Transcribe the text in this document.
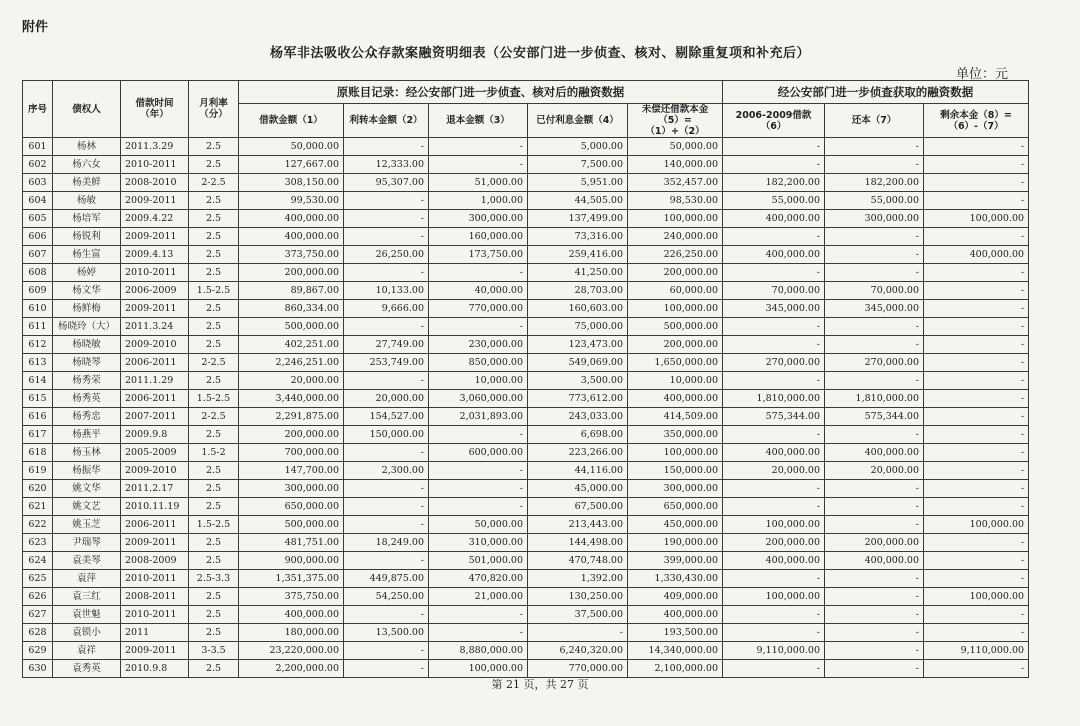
附件
杨军非法吸收公众存款案融资明细表（公安部门进一步侦查、核对、剔除重复项和补充后）
单位：元
序号	债权人	借款时间（年）	月利率（分）	原账目记录：经公安部门进一步侦查、核对后的融资数据					经公安部门进一步侦查获取的融资数据		
				借款金额（1）	利转本金额（2）	退本金额（3）	已付利息金额（4）	未偿还借款本金（5）=（1）+（2）	2006-2009借款（6）	还本（7）	剩余本金（8）=（6）-（7）
601	杨林	2011.3.29	2.5	50,000.00	-	-	5,000.00	50,000.00	-	-	-
602	杨六女	2010-2011	2.5	127,667.00	12,333.00	-	7,500.00	140,000.00	-	-	-
603	杨美鲜	2008-2010	2-2.5	308,150.00	95,307.00	51,000.00	5,951.00	352,457.00	182,200.00	182,200.00	-
604	杨敏	2009-2011	2.5	99,530.00	-	1,000.00	44,505.00	98,530.00	55,000.00	55,000.00	-
605	杨培军	2009.4.22	2.5	400,000.00	-	300,000.00	137,499.00	100,000.00	400,000.00	300,000.00	100,000.00
606	杨锐利	2009-2011	2.5	400,000.00	-	160,000.00	73,316.00	240,000.00	-	-	-
607	杨生富	2009.4.13	2.5	373,750.00	26,250.00	173,750.00	259,416.00	226,250.00	400,000.00	-	400,000.00
608	杨婷	2010-2011	2.5	200,000.00	-	-	41,250.00	200,000.00	-	-	-
609	杨文华	2006-2009	1.5-2.5	89,867.00	10,133.00	40,000.00	28,703.00	60,000.00	70,000.00	70,000.00	-
610	杨鲜梅	2009-2011	2.5	860,334.00	9,666.00	770,000.00	160,603.00	100,000.00	345,000.00	345,000.00	-
611	杨晓玲（大）	2011.3.24	2.5	500,000.00	-	-	75,000.00	500,000.00	-	-	-
612	杨晓敏	2009-2010	2.5	402,251.00	27,749.00	230,000.00	123,473.00	200,000.00	-	-	-
613	杨晓琴	2006-2011	2-2.5	2,246,251.00	253,749.00	850,000.00	549,069.00	1,650,000.00	270,000.00	270,000.00	-
614	杨秀荣	2011.1.29	2.5	20,000.00	-	10,000.00	3,500.00	10,000.00	-	-	-
615	杨秀英	2006-2011	1.5-2.5	3,440,000.00	20,000.00	3,060,000.00	773,612.00	400,000.00	1,810,000.00	1,810,000.00	-
616	杨秀忠	2007-2011	2-2.5	2,291,875.00	154,527.00	2,031,893.00	243,033.00	414,509.00	575,344.00	575,344.00	-
617	杨燕平	2009.9.8	2.5	200,000.00	150,000.00	-	6,698.00	350,000.00	-	-	-
618	杨玉林	2005-2009	1.5-2	700,000.00	-	600,000.00	223,266.00	100,000.00	400,000.00	400,000.00	-
619	杨振华	2009-2010	2.5	147,700.00	2,300.00	-	44,116.00	150,000.00	20,000.00	20,000.00	-
620	姚文华	2011.2.17	2.5	300,000.00	-	-	45,000.00	300,000.00	-	-	-
621	姚文艺	2010.11.19	2.5	650,000.00	-	-	67,500.00	650,000.00	-	-	-
622	姚玉芝	2006-2011	1.5-2.5	500,000.00	-	50,000.00	213,443.00	450,000.00	100,000.00	-	100,000.00
623	尹瑞琴	2009-2011	2.5	481,751.00	18,249.00	310,000.00	144,498.00	190,000.00	200,000.00	200,000.00	-
624	袁美琴	2008-2009	2.5	900,000.00	-	501,000.00	470,748.00	399,000.00	400,000.00	400,000.00	-
625	袁萍	2010-2011	2.5-3.3	1,351,375.00	449,875.00	470,820.00	1,392.00	1,330,430.00	-	-	-
626	袁三红	2008-2011	2.5	375,750.00	54,250.00	21,000.00	130,250.00	409,000.00	100,000.00	-	100,000.00
627	袁世魁	2010-2011	2.5	400,000.00	-	-	37,500.00	400,000.00	-	-	-
628	袁锁小	2011	2.5	180,000.00	13,500.00	-	-	193,500.00	-	-	-
629	袁祥	2009-2011	3-3.5	23,220,000.00	-	8,880,000.00	6,240,320.00	14,340,000.00	9,110,000.00	-	9,110,000.00
630	袁秀英	2010.9.8	2.5	2,200,000.00	-	100,000.00	770,000.00	2,100,000.00	-	-	-
第 21 页，共 27 页
